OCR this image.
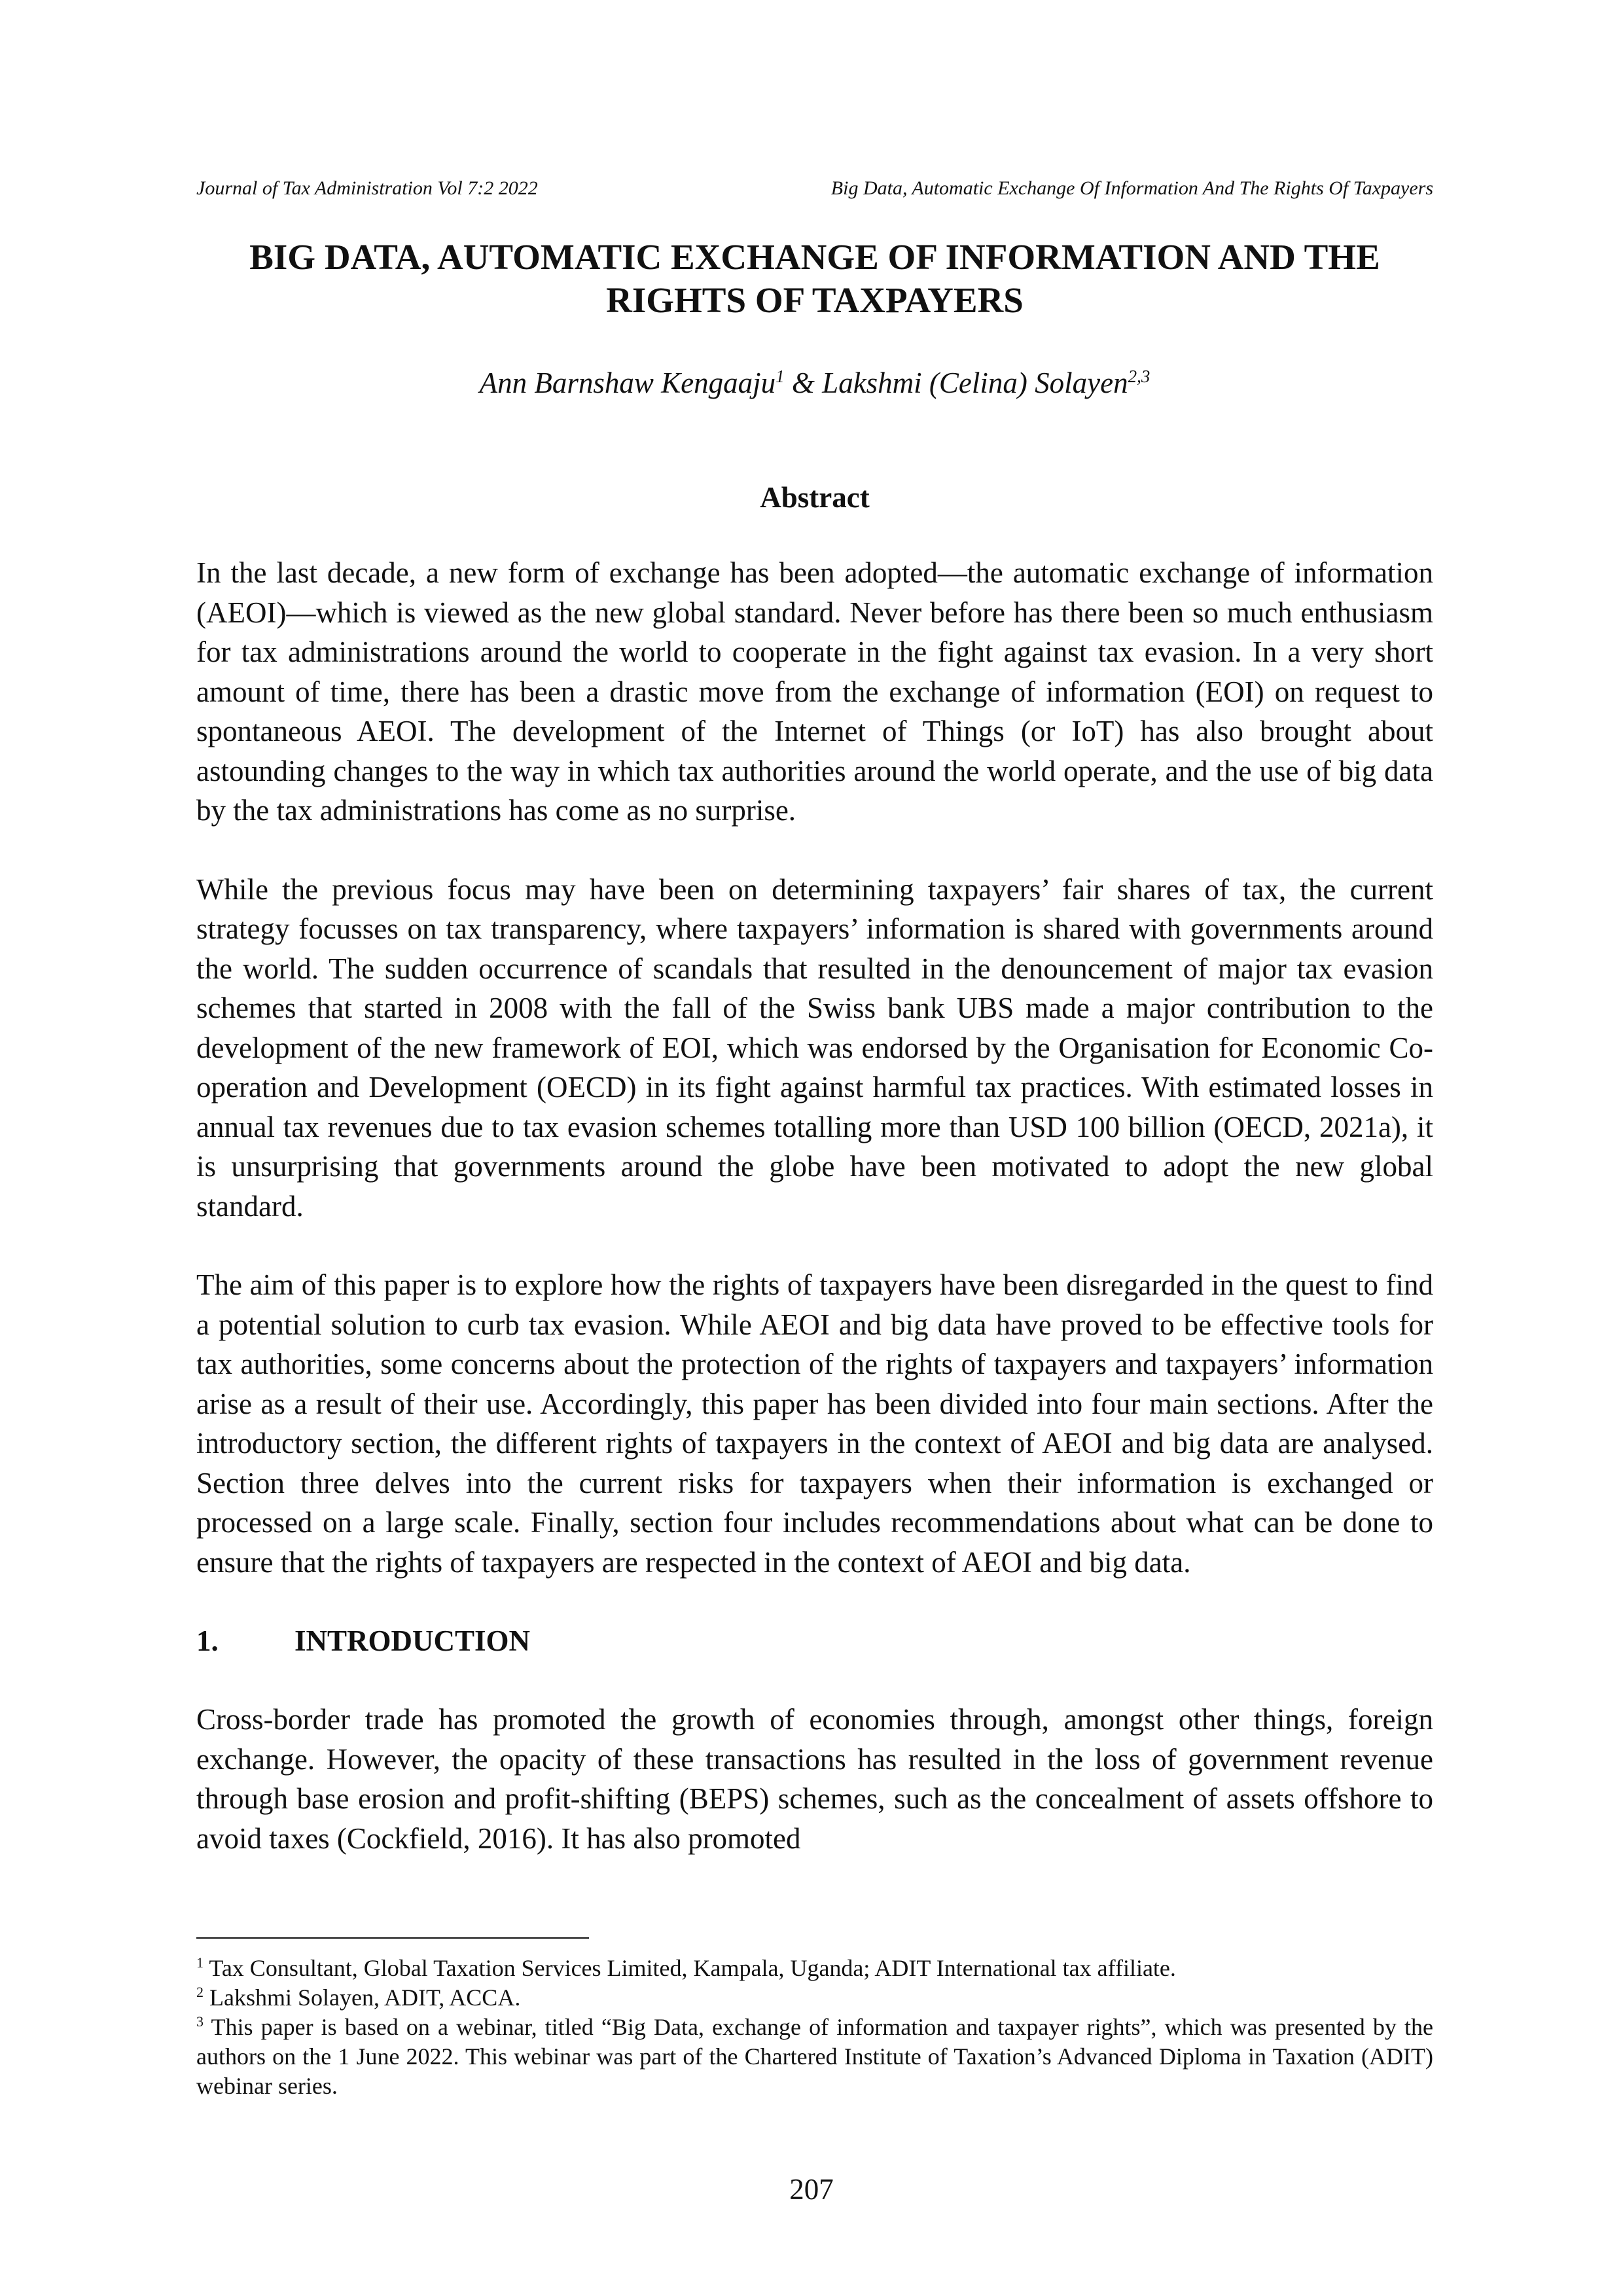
Journal of Tax Administration Vol 7:2 2022	Big Data, Automatic Exchange Of Information And The Rights Of Taxpayers
BIG DATA, AUTOMATIC EXCHANGE OF INFORMATION AND THE
RIGHTS OF TAXPAYERS
Ann Barnshaw Kengaaju$^1$ & Lakshmi (Celina) Solayen$^{2,3}$
Abstract

In the last decade, a new form of exchange has been adopted—the automatic exchange of information (AEOI)—which is viewed as the new global standard. Never before has there been so much enthusiasm for tax administrations around the world to cooperate in the fight against tax evasion. In a very short amount of time, there has been a drastic move from the exchange of information (EOI) on request to spontaneous AEOI. The development of the Internet of Things (or IoT) has also brought about astounding changes to the way in which tax authorities around the world operate, and the use of big data by the tax administrations has come as no surprise.

While the previous focus may have been on determining taxpayers’ fair shares of tax, the current strategy focusses on tax transparency, where taxpayers’ information is shared with governments around the world. The sudden occurrence of scandals that resulted in the denouncement of major tax evasion schemes that started in 2008 with the fall of the Swiss bank UBS made a major contribution to the development of the new framework of EOI, which was endorsed by the Organisation for Economic Co-operation and Development (OECD) in its fight against harmful tax practices. With estimated losses in annual tax revenues due to tax evasion schemes totalling more than USD 100 billion (OECD, 2021a), it is unsurprising that governments around the globe have been motivated to adopt the new global standard.

The aim of this paper is to explore how the rights of taxpayers have been disregarded in the quest to find a potential solution to curb tax evasion. While AEOI and big data have proved to be effective tools for tax authorities, some concerns about the protection of the rights of taxpayers and taxpayers’ information arise as a result of their use. Accordingly, this paper has been divided into four main sections. After the introductory section, the different rights of taxpayers in the context of AEOI and big data are analysed. Section three delves into the current risks for taxpayers when their information is exchanged or processed on a large scale. Finally, section four includes recommendations about what can be done to ensure that the rights of taxpayers are respected in the context of AEOI and big data.

1.	INTRODUCTION

Cross-border trade has promoted the growth of economies through, amongst other things, foreign exchange. However, the opacity of these transactions has resulted in the loss of government revenue through base erosion and profit-shifting (BEPS) schemes, such as the concealment of assets offshore to avoid taxes (Cockfield, 2016). It has also promoted

$^1$ Tax Consultant, Global Taxation Services Limited, Kampala, Uganda; ADIT International tax affiliate.

$^2$ Lakshmi Solayen, ADIT, ACCA.

$^3$ This paper is based on a webinar, titled “Big Data, exchange of information and taxpayer rights”, which was presented by the authors on the 1 June 2022. This webinar was part of the Chartered Institute of Taxation’s Advanced Diploma in Taxation (ADIT) webinar series.

207
